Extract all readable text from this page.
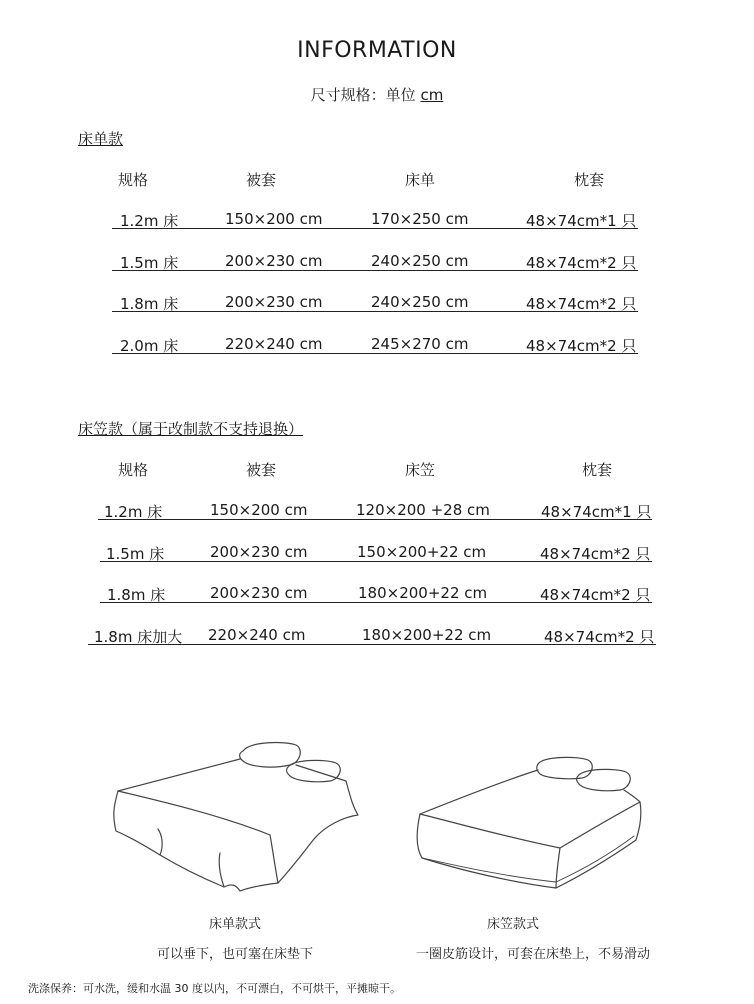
INFORMATION
尺寸规格：单位 cm
床单款
规格	被套	床单	枕套
1.2m 床	150×200 cm	170×250 cm	48×74cm*1 只
1.5m 床	200×230 cm	240×250 cm	48×74cm*2 只
1.8m 床	200×230 cm	240×250 cm	48×74cm*2 只
2.0m 床	220×240 cm	245×270 cm	48×74cm*2 只
床笠款（属于改制款不支持退换）
规格	被套	床笠	枕套
1.2m 床	150×200 cm	120×200 +28 cm	48×74cm*1 只
1.5m 床	200×230 cm	150×200+22 cm	48×74cm*2 只
1.8m 床	200×230 cm	180×200+22 cm	48×74cm*2 只
1.8m 床加大 220×240 cm	180×200+22 cm	48×74cm*2 只
床单款式
可以垂下，也可塞在床垫下
床笠款式
一圈皮筋设计，可套在床垫上，不易滑动
洗涤保养：可水洗，缓和水温 30 度以内，不可漂白，不可烘干，平摊晾干。
